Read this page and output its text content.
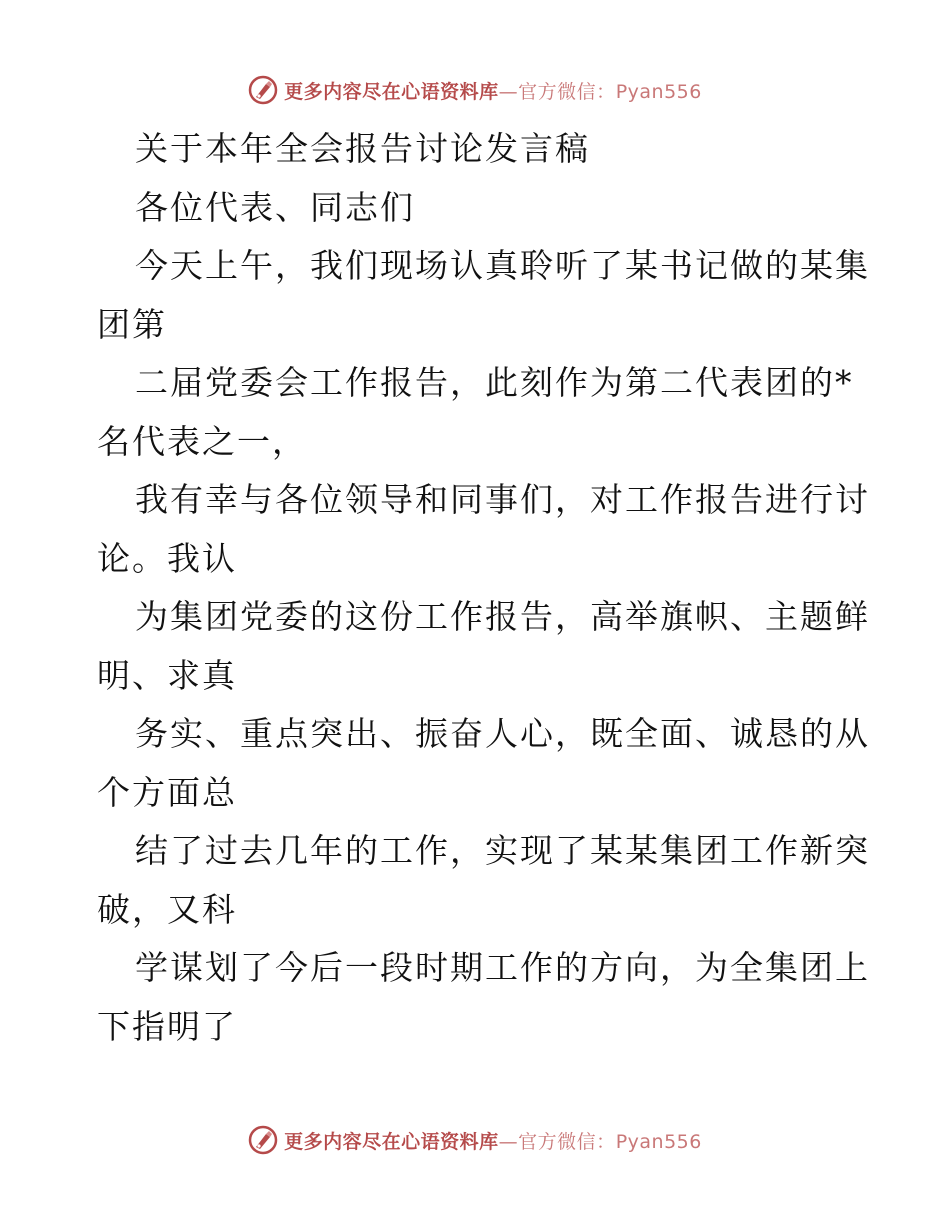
更多内容尽在心语资料库—官方微信：Pyan556
关于本年全会报告讨论发言稿
各位代表、同志们
今天上午，我们现场认真聆听了某书记做的某集
团第
二届党委会工作报告，此刻作为第二代表团的*
名代表之一，
我有幸与各位领导和同事们，对工作报告进行讨
论。我认
为集团党委的这份工作报告，高举旗帜、主题鲜
明、求真
务实、重点突出、振奋人心，既全面、诚恳的从
个方面总
结了过去几年的工作，实现了某某集团工作新突
破，又科
学谋划了今后一段时期工作的方向，为全集团上
下指明了
更多内容尽在心语资料库—官方微信：Pyan556
